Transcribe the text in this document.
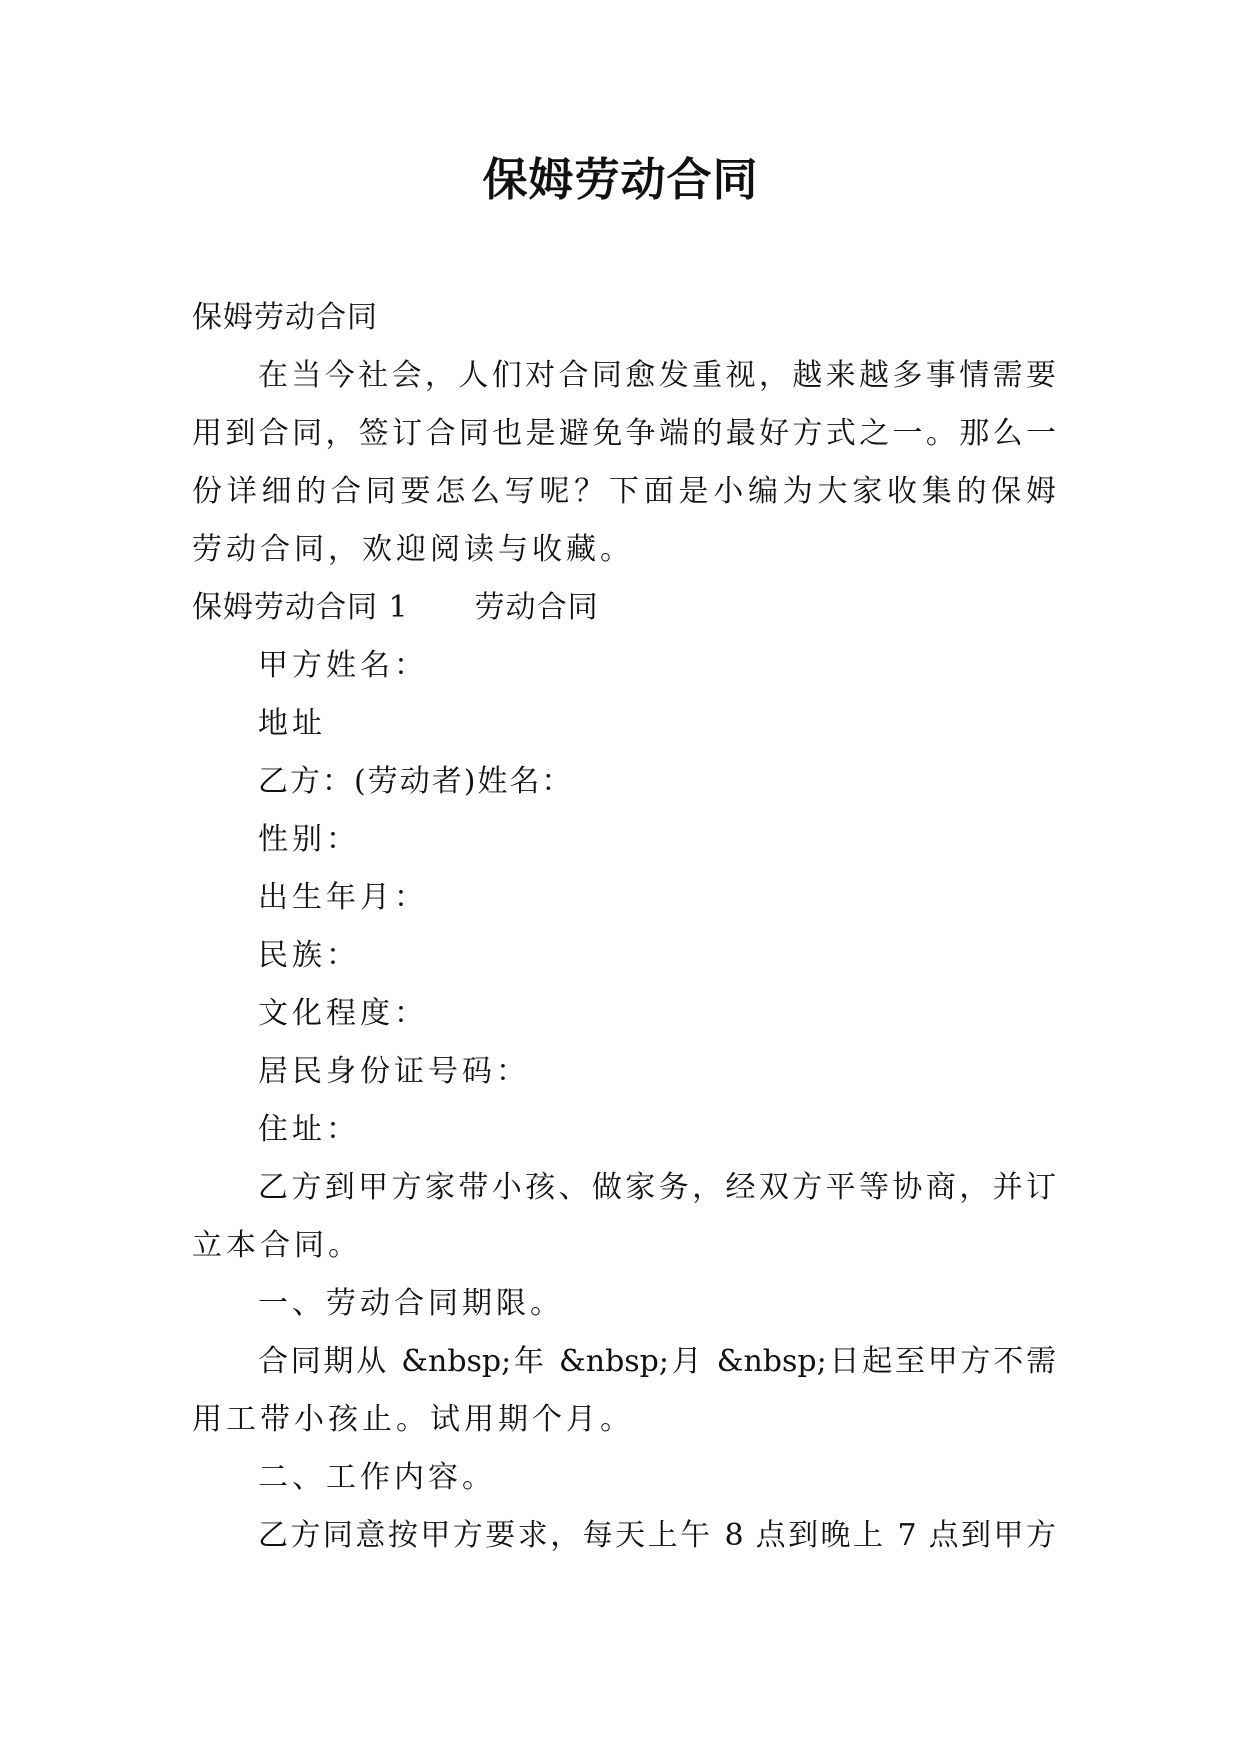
保姆劳动合同
保姆劳动合同
在当今社会，人们对合同愈发重视，越来越多事情需要
用到合同，签订合同也是避免争端的最好方式之一。那么一
份详细的合同要怎么写呢？下面是小编为大家收集的保姆
劳动合同，欢迎阅读与收藏。
保姆劳动合同 1 劳动合同
甲方姓名：
地址
乙方：(劳动者)姓名：
性别：
出生年月：
民族：
文化程度：
居民身份证号码：
住址：
乙方到甲方家带小孩、做家务，经双方平等协商，并订
立本合同。
一、劳动合同期限。
合同期从 &nbsp;年 &nbsp;月 &nbsp;日起至甲方不需
用工带小孩止。试用期个月。
二、工作内容。
乙方同意按甲方要求，每天上午 8 点到晚上 7 点到甲方
